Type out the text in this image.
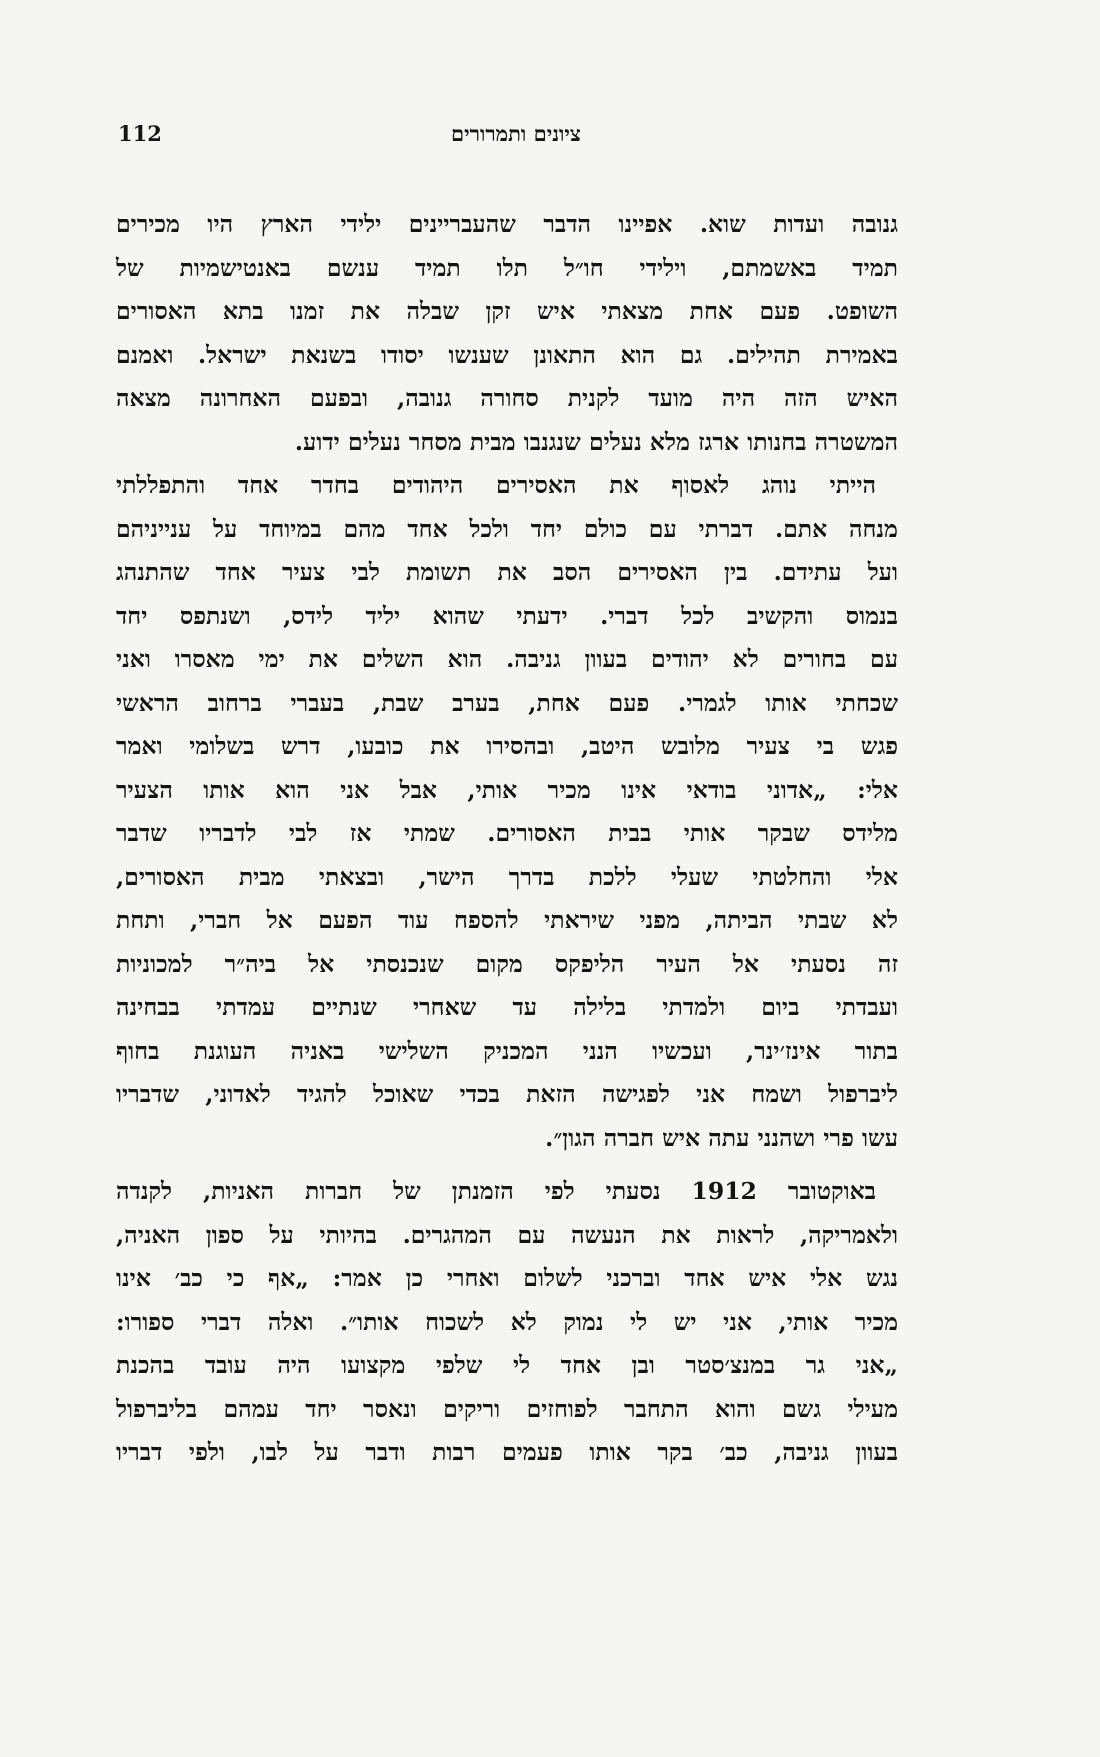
ציונים ותמרורים
112
גנובה ועדות שוא. אפיינו הדבר שהעבריינים ילידי הארץ היו מכירים
תמיד באשמתם, וילידי חו״ל תלו תמיד ענשם באנטישמיות של
השופט. פעם אחת מצאתי איש זקן שבלה את זמנו בתא האסורים
באמירת תהילים. גם הוא התאונן שענשו יסודו בשנאת ישראל. ואמנם
האיש הזה היה מועד לקנית סחורה גנובה, ובפעם האחרונה מצאה
המשטרה בחנותו ארגז מלא נעלים שנגנבו מבית מסחר נעלים ידוע.
הייתי נוהג לאסוף את האסירים היהודים בחדר אחד והתפללתי
מנחה אתם. דברתי עם כולם יחד ולכל אחד מהם במיוחד על ענייניהם
ועל עתידם. בין האסירים הסב את תשומת לבי צעיר אחד שהתנהג
בנמוס והקשיב לכל דברי. ידעתי שהוא יליד לידס, ושנתפס יחד
עם בחורים לא יהודים בעוון גניבה. הוא השלים את ימי מאסרו ואני
שכחתי אותו לגמרי. פעם אחת, בערב שבת, בעברי ברחוב הראשי
פגש בי צעיר מלובש היטב, ובהסירו את כובעו, דרש בשלומי ואמר
אלי: „אדוני בודאי אינו מכיר אותי, אבל אני הוא אותו הצעיר
מלידס שבקר אותי בבית האסורים. שמתי אז לבי לדבריו שדבר
אלי והחלטתי שעלי ללכת בדרך הישר, ובצאתי מבית האסורים,
לא שבתי הביתה, מפני שיראתי להספח עוד הפעם אל חברי, ותחת
זה נסעתי אל העיר הליפקס מקום שנכנסתי אל ביה״ר למכוניות
ועבדתי ביום ולמדתי בלילה עד שאחרי שנתיים עמדתי בבחינה
בתור אינז׳ינר, ועכשיו הנני המכניק השלישי באניה העוגנת בחוף
ליברפול ושמח אני לפגישה הזאת בכדי שאוכל להגיד לאדוני, שדבריו
עשו פרי ושהנני עתה איש חברה הגון״.
באוקטובר 1912 נסעתי לפי הזמנתן של חברות האניות, לקנדה
ולאמריקה, לראות את הנעשה עם המהגרים. בהיותי על ספון האניה,
נגש אלי איש אחד וברכני לשלום ואחרי כן אמר: „אף כי כב׳ אינו
מכיר אותי, אני יש לי נמוק לא לשכוח אותו״. ואלה דברי ספורו:
„אני גר במנצ׳סטר ובן אחד לי שלפי מקצועו היה עובד בהכנת
מעילי גשם והוא התחבר לפוחזים וריקים ונאסר יחד עמהם בליברפול
בעוון גניבה, כב׳ בקר אותו פעמים רבות ודבר על לבו, ולפי דבריו
